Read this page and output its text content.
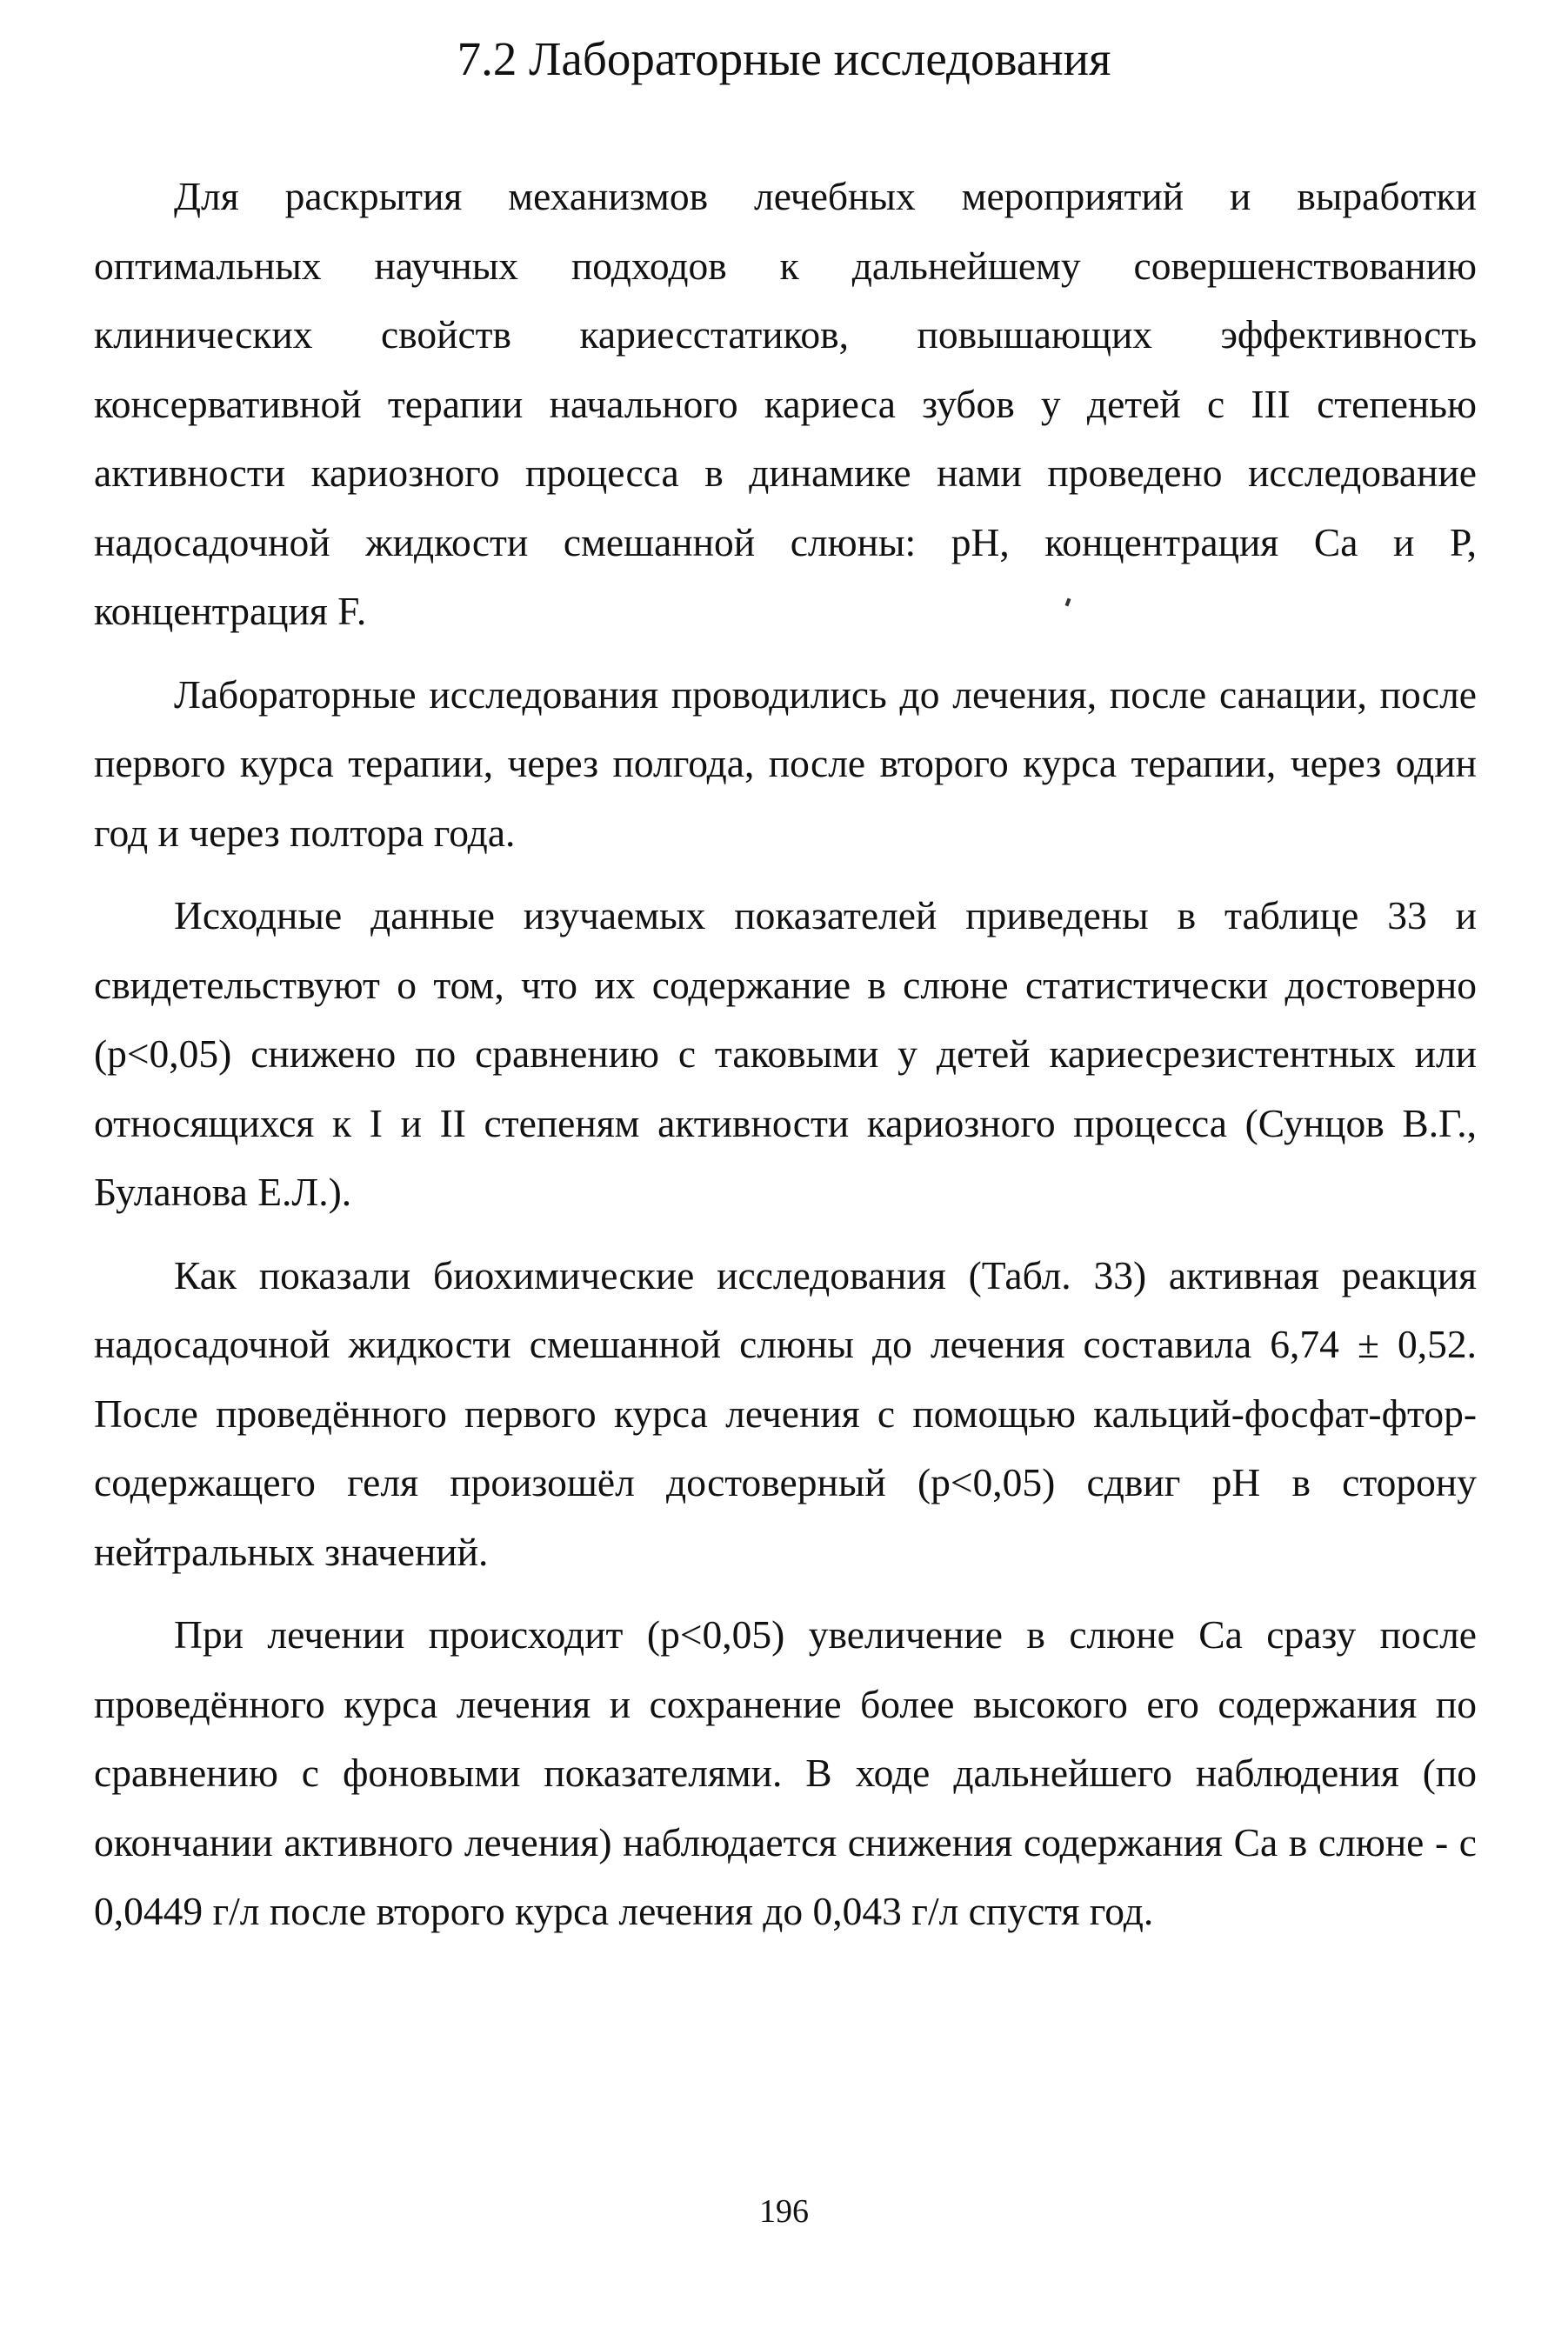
7.2 Лабораторные исследования

Для раскрытия механизмов лечебных мероприятий и выработки оптимальных научных подходов к дальнейшему совершенствованию клинических свойств кариесстатиков, повышающих эффективность консервативной терапии начального кариеса зубов у детей с III степенью активности кариозного процесса в динамике нами проведено исследование надосадочной жидкости смешанной слюны: pH, концентрация Са и Р, концентрация F.

Лабораторные исследования проводились до лечения, после санации, после первого курса терапии, через полгода, после второго курса терапии, через один год и через полтора года.

Исходные данные изучаемых показателей приведены в таблице 33 и свидетельствуют о том, что их содержание в слюне статистически достоверно (р<0,05) снижено по сравнению с таковыми у детей кариесрезистентных или относящихся к I и II степеням активности кариозного процесса (Сунцов В.Г., Буланова Е.Л.).

Как показали биохимические исследования (Табл. 33) активная реакция надосадочной жидкости смешанной слюны до лечения составила 6,74 ± 0,52. После проведённого первого курса лечения с помощью кальций-фосфат-фтор-содержащего геля произошёл достоверный (р<0,05) сдвиг pH в сторону нейтральных значений.

При лечении происходит (р<0,05) увеличение в слюне Са сразу после проведённого курса лечения и сохранение более высокого его содержания по сравнению с фоновыми показателями. В ходе дальнейшего наблюдения (по окончании активного лечения) наблюдается снижения содержания Са в слюне - с 0,0449 г/л после второго курса лечения до 0,043 г/л спустя год.

196
